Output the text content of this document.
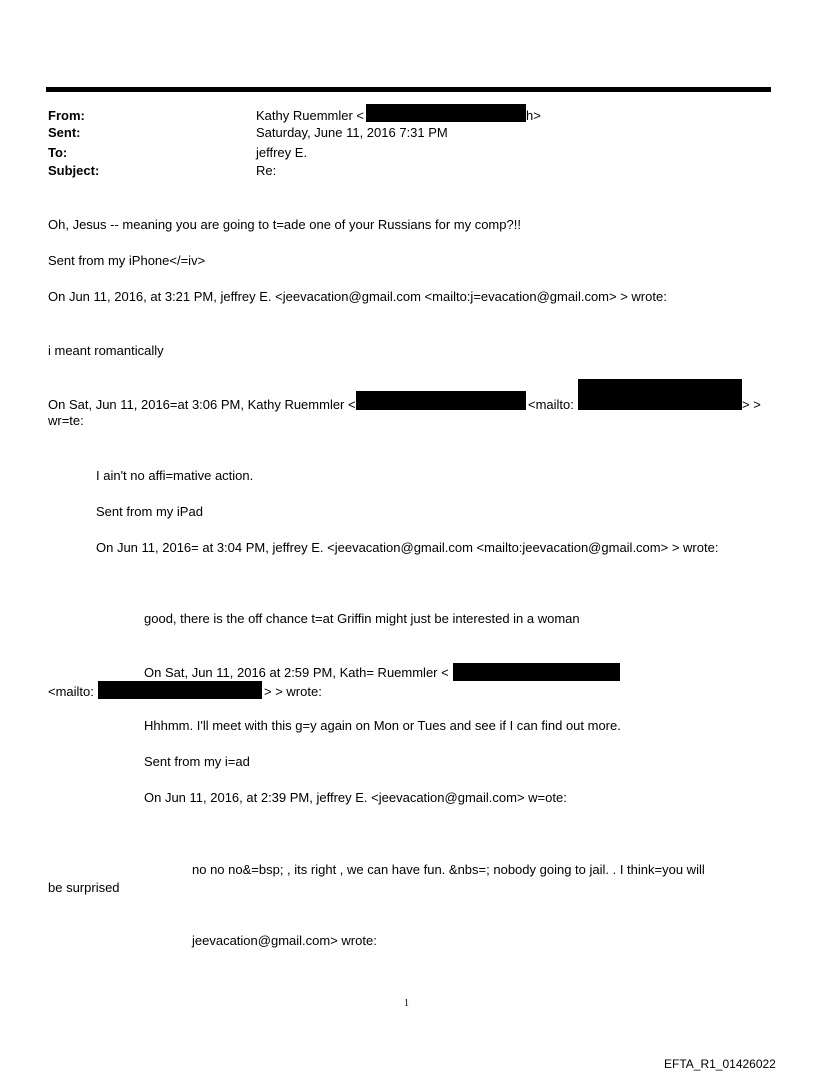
From:	Kathy Ruemmler <	h>
Sent:	Saturday, June 11, 2016 7:31 PM
To:	jeffrey E.
Subject:	Re:
Oh, Jesus -- meaning you are going to t=ade one of your Russians for my comp?!!
Sent from my iPhone</=iv>
On Jun 11, 2016, at 3:21 PM, jeffrey E. <jeevacation@gmail.com <mailto:j=evacation@gmail.com> > wrote:
i meant romantically
On Sat, Jun 11, 2016=at 3:06 PM, Kathy Ruemmler <	<mailto:	> >
wr=te:
I ain't no affi=mative action.
Sent from my iPad
On Jun 11, 2016= at 3:04 PM, jeffrey E. <jeevacation@gmail.com <mailto:jeevacation@gmail.com> > wrote:
good, there is the off chance t=at Griffin might just be interested in a woman
On Sat, Jun 11, 2016 at 2:59 PM, Kath= Ruemmler <
<mailto:	> > wrote:
Hhhmm. I'll meet with this g=y again on Mon or Tues and see if I can find out more.
Sent from my i=ad
On Jun 11, 2016, at 2:39 PM, jeffrey E. <jeevacation@gmail.com> w=ote:
no no no&=bsp; , its right , we can have fun. &nbs=; nobody going to jail. . I think=you will
be surprised
jeevacation@gmail.com> wrote:
1
EFTA_R1_01426022
